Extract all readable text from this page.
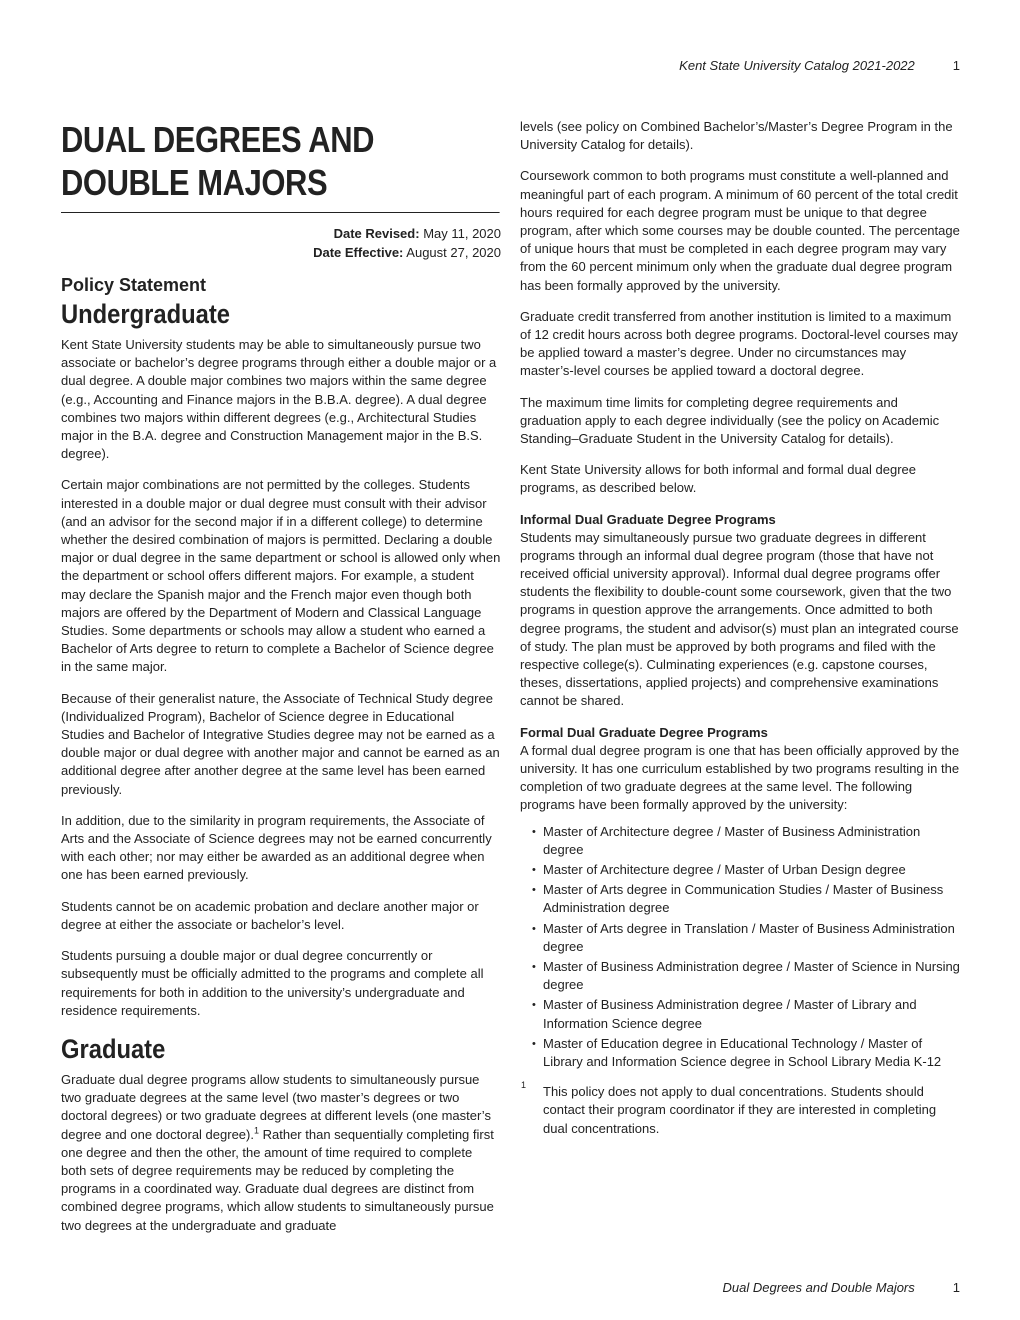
Kent State University Catalog 2021-2022	1
DUAL DEGREES AND DOUBLE MAJORS
Date Revised: May 11, 2020
Date Effective: August 27, 2020
Policy Statement
Undergraduate

Kent State University students may be able to simultaneously pursue two associate or bachelor’s degree programs through either a double major or a dual degree. A double major combines two majors within the same degree (e.g., Accounting and Finance majors in the B.B.A. degree). A dual degree combines two majors within different degrees (e.g., Architectural Studies major in the B.A. degree and Construction Management major in the B.S. degree).

Certain major combinations are not permitted by the colleges. Students interested in a double major or dual degree must consult with their advisor (and an advisor for the second major if in a different college) to determine whether the desired combination of majors is permitted. Declaring a double major or dual degree in the same department or school is allowed only when the department or school offers different majors. For example, a student may declare the Spanish major and the French major even though both majors are offered by the Department of Modern and Classical Language Studies. Some departments or schools may allow a student who earned a Bachelor of Arts degree to return to complete a Bachelor of Science degree in the same major.

Because of their generalist nature, the Associate of Technical Study degree (Individualized Program), Bachelor of Science degree in Educational Studies and Bachelor of Integrative Studies degree may not be earned as a double major or dual degree with another major and cannot be earned as an additional degree after another degree at the same level has been earned previously.

In addition, due to the similarity in program requirements, the Associate of Arts and the Associate of Science degrees may not be earned concurrently with each other; nor may either be awarded as an additional degree when one has been earned previously.

Students cannot be on academic probation and declare another major or degree at either the associate or bachelor’s level.

Students pursuing a double major or dual degree concurrently or subsequently must be officially admitted to the programs and complete all requirements for both in addition to the university’s undergraduate and residence requirements.

Graduate

Graduate dual degree programs allow students to simultaneously pursue two graduate degrees at the same level (two master’s degrees or two doctoral degrees) or two graduate degrees at different levels (one master’s degree and one doctoral degree).$^1$ Rather than sequentially completing first one degree and then the other, the amount of time required to complete both sets of degree requirements may be reduced by completing the programs in a coordinated way. Graduate dual degrees are distinct from combined degree programs, which allow students to simultaneously pursue two degrees at the undergraduate and graduate

levels (see policy on Combined Bachelor’s/Master’s Degree Program in the University Catalog for details).

Coursework common to both programs must constitute a well-planned and meaningful part of each program. A minimum of 60 percent of the total credit hours required for each degree program must be unique to that degree program, after which some courses may be double counted. The percentage of unique hours that must be completed in each degree program may vary from the 60 percent minimum only when the graduate dual degree program has been formally approved by the university.

Graduate credit transferred from another institution is limited to a maximum of 12 credit hours across both degree programs. Doctoral-level courses may be applied toward a master’s degree. Under no circumstances may master’s-level courses be applied toward a doctoral degree.

The maximum time limits for completing degree requirements and graduation apply to each degree individually (see the policy on Academic Standing–Graduate Student in the University Catalog for details).

Kent State University allows for both informal and formal dual degree programs, as described below.

Informal Dual Graduate Degree Programs

Students may simultaneously pursue two graduate degrees in different programs through an informal dual degree program (those that have not received official university approval). Informal dual degree programs offer students the flexibility to double-count some coursework, given that the two programs in question approve the arrangements. Once admitted to both degree programs, the student and advisor(s) must plan an integrated course of study. The plan must be approved by both programs and filed with the respective college(s). Culminating experiences (e.g. capstone courses, theses, dissertations, applied projects) and comprehensive examinations cannot be shared.

Formal Dual Graduate Degree Programs

A formal dual degree program is one that has been officially approved by the university. It has one curriculum established by two programs resulting in the completion of two graduate degrees at the same level. The following programs have been formally approved by the university:

• Master of Architecture degree / Master of Business Administration degree
• Master of Architecture degree / Master of Urban Design degree
• Master of Arts degree in Communication Studies / Master of Business Administration degree
• Master of Arts degree in Translation / Master of Business Administration degree
• Master of Business Administration degree / Master of Science in Nursing degree
• Master of Business Administration degree / Master of Library and Information Science degree
• Master of Education degree in Educational Technology / Master of Library and Information Science degree in School Library Media K-12
1 This policy does not apply to dual concentrations. Students should contact their program coordinator if they are interested in completing dual concentrations.
Dual Degrees and Double Majors	1
